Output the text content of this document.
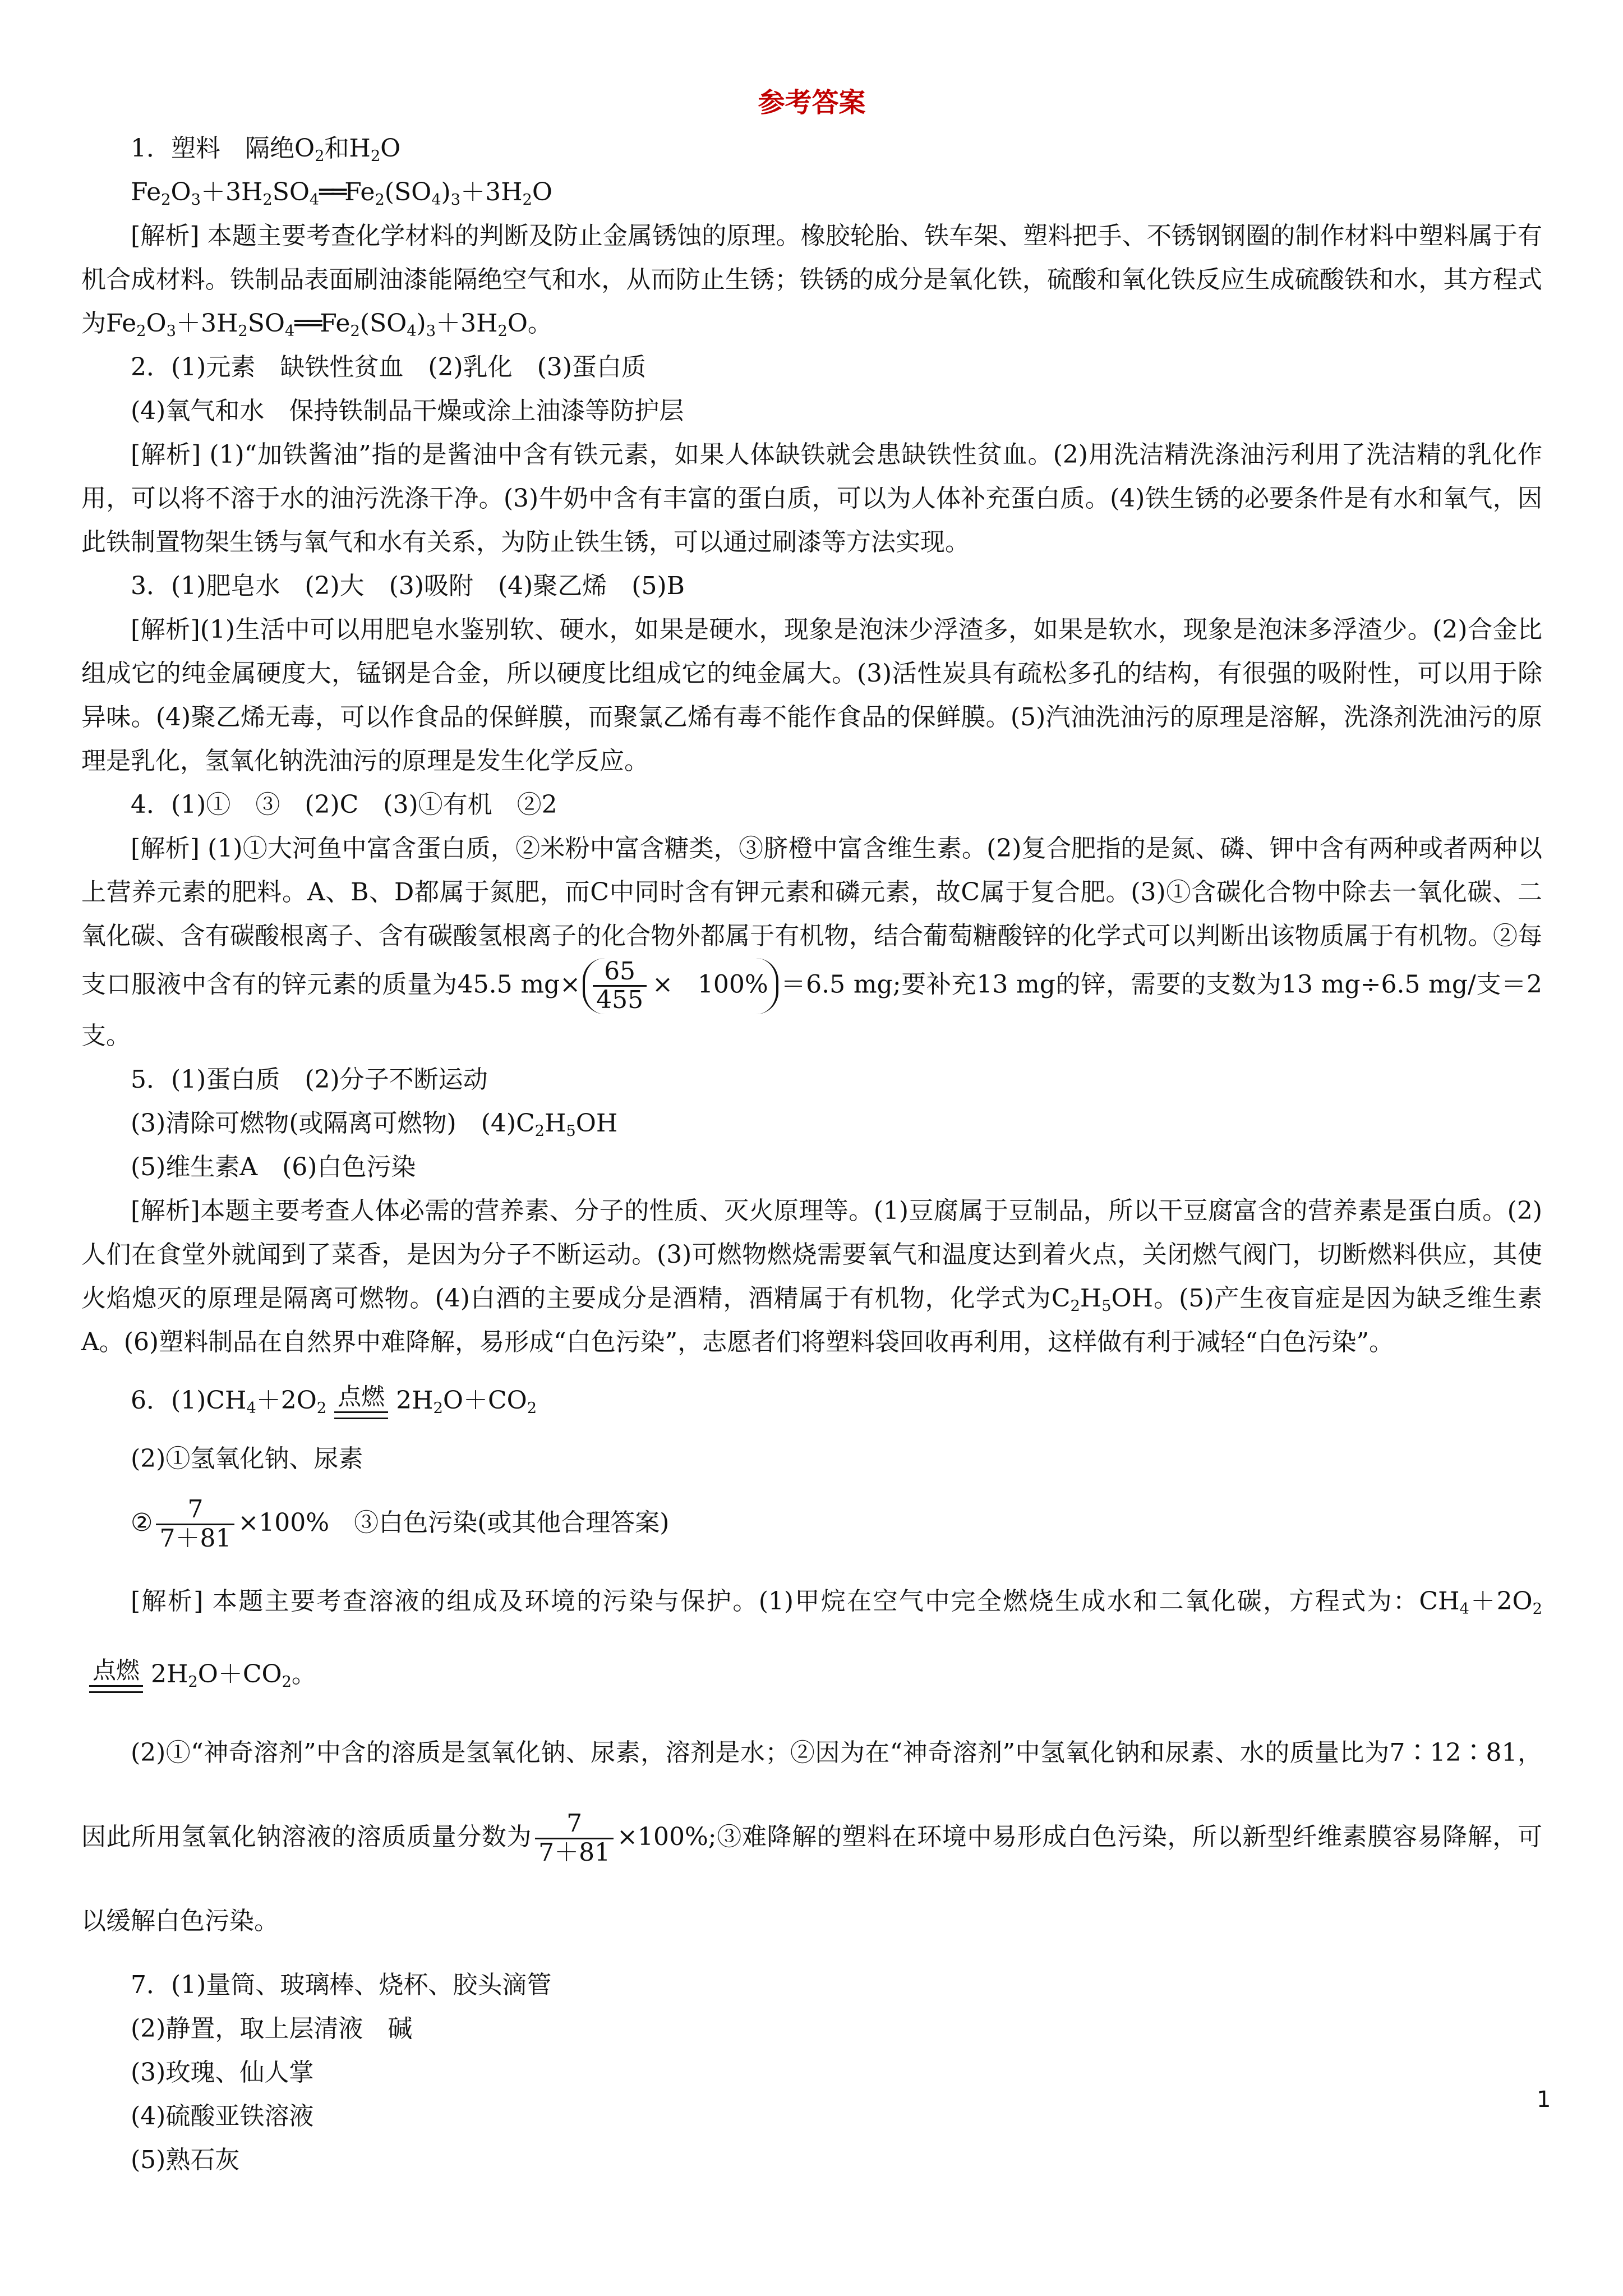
参考答案

1．塑料　隔绝$O_2$和$H_2O$

$Fe_2O_3+3H_2SO_4══Fe_2(SO_4)_3+3H_2O$

[解析] 本题主要考查化学材料的判断及防止金属锈蚀的原理。橡胶轮胎、铁车架、塑料把手、不锈钢钢圈的制作材料中塑料属于有机合成材料。铁制品表面刷油漆能隔绝空气和水，从而防止生锈；铁锈的成分是氧化铁，硫酸和氧化铁反应生成硫酸铁和水，其方程式为$Fe_2O_3+3H_2SO_4══Fe_2(SO_4)_3+3H_2O$。

2．(1)元素　缺铁性贫血　(2)乳化　(3)蛋白质

(4)氧气和水　保持铁制品干燥或涂上油漆等防护层

[解析] (1)“加铁酱油”指的是酱油中含有铁元素，如果人体缺铁就会患缺铁性贫血。(2)用洗洁精洗涤油污利用了洗洁精的乳化作用，可以将不溶于水的油污洗涤干净。(3)牛奶中含有丰富的蛋白质，可以为人体补充蛋白质。(4)铁生锈的必要条件是有水和氧气，因此铁制置物架生锈与氧气和水有关系，为防止铁生锈，可以通过刷漆等方法实现。

3．(1)肥皂水　(2)大　(3)吸附　(4)聚乙烯　(5)B

[解析](1)生活中可以用肥皂水鉴别软、硬水，如果是硬水，现象是泡沫少浮渣多，如果是软水，现象是泡沫多浮渣少。(2)合金比组成它的纯金属硬度大，锰钢是合金，所以硬度比组成它的纯金属大。(3)活性炭具有疏松多孔的结构，有很强的吸附性，可以用于除异味。(4)聚乙烯无毒，可以作食品的保鲜膜，而聚氯乙烯有毒不能作食品的保鲜膜。(5)汽油洗油污的原理是溶解，洗涤剂洗油污的原理是乳化，氢氧化钠洗油污的原理是发生化学反应。

4．(1)①　③　(2)C　(3)①有机　②2

[解析] (1)①大河鱼中富含蛋白质，②米粉中富含糖类，③脐橙中富含维生素。(2)复合肥指的是氮、磷、钾中含有两种或者两种以上营养元素的肥料。A、B、D都属于氮肥，而C中同时含有钾元素和磷元素，故C属于复合肥。(3)①含碳化合物中除去一氧化碳、二氧化碳、含有碳酸根离子、含有碳酸氢根离子的化合物外都属于有机物，结合葡萄糖酸锌的化学式可以判断出该物质属于有机物。②每支口服液中含有的锌元素的质量为45.5 $mg\times \frac{65}{455}$ ×　100% ＝6.5 mg;要补充13 mg的锌，需要的支数为13 mg÷6.5 mg/支＝2支。

5．(1)蛋白质　(2)分子不断运动

(3)清除可燃物(或隔离可燃物)　$(4)C_2H_5OH$

(5)维生素A　(6)白色污染

[解析]本题主要考查人体必需的营养素、分子的性质、灭火原理等。(1)豆腐属于豆制品，所以干豆腐富含的营养素是蛋白质。(2)人们在食堂外就闻到了菜香，是因为分子不断运动。(3)可燃物燃烧需要氧气和温度达到着火点，关闭燃气阀门，切断燃料供应，其使火焰熄灭的原理是隔离可燃物。(4)白酒的主要成分是酒精，酒精属于有机物，化学式为$C_2H_5OH$。(5)产生夜盲症是因为缺乏维生素A。(6)塑料制品在自然界中难降解，易形成“白色污染”，志愿者们将塑料袋回收再利用，这样做有利于减轻“白色污染”。

6．$(1)CH_4+2O_2$ 点燃 $2H_2O+CO_2$

(2)①氢氧化钠、尿素

② $\frac{7}{7+81} \times 100\%$　③白色污染(或其他合理答案)

[解析] 本题主要考查溶液的组成及环境的污染与保护。(1)甲烷在空气中完全燃烧生成水和二氧化碳，方程式为：$CH_4+2O_2$
点燃 $2H_2O+CO_2$。

(2)①“神奇溶剂”中含的溶质是氢氧化钠、尿素，溶剂是水；②因为在“神奇溶剂”中氢氧化钠和尿素、水的质量比为7∶12∶81，因此所用氢氧化钠溶液的溶质质量分数为 $\frac{7}{7+81}$ ×100%;③难降解的塑料在环境中易形成白色污染，所以新型纤维素膜容易降解，可以缓解白色污染。

7．(1)量筒、玻璃棒、烧杯、胶头滴管

(2)静置，取上层清液　碱

(3)玫瑰、仙人掌

(4)硫酸亚铁溶液

(5)熟石灰

1
